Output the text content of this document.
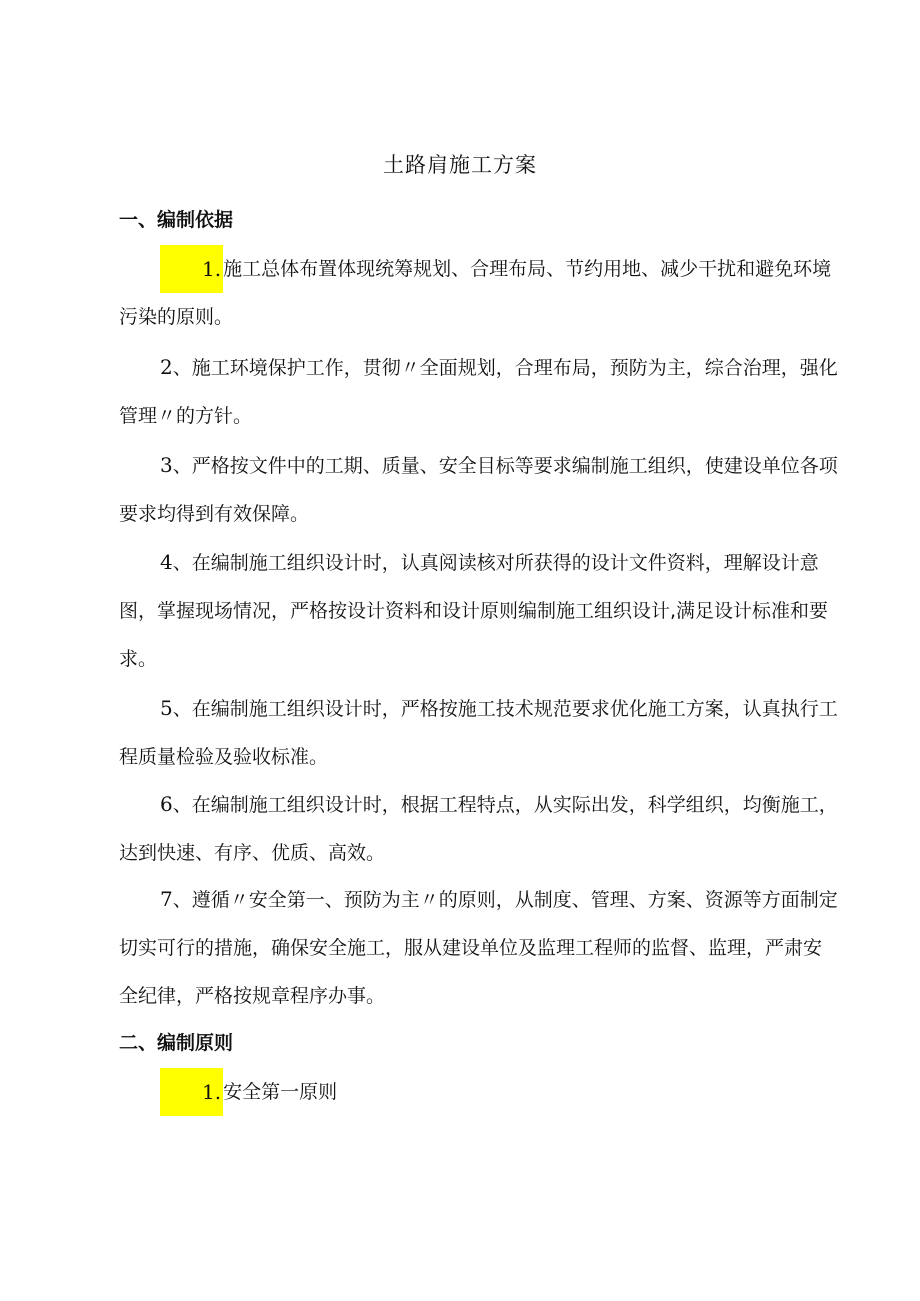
土路肩施工方案
一、编制依据
1. 施工总体布置体现统筹规划、合理布局、节约用地、减少干扰和避免环境污染的原则。
2、施工环境保护工作，贯彻〃全面规划，合理布局，预防为主，综合治理，强化管理〃的方针。
3、严格按文件中的工期、质量、安全目标等要求编制施工组织，使建设单位各项要求均得到有效保障。
4、在编制施工组织设计时，认真阅读核对所获得的设计文件资料，理解设计意图，掌握现场情况，严格按设计资料和设计原则编制施工组织设计,满足设计标准和要求。
5、在编制施工组织设计时，严格按施工技术规范要求优化施工方案，认真执行工程质量检验及验收标准。
6、在编制施工组织设计时，根据工程特点，从实际出发，科学组织，均衡施工，达到快速、有序、优质、高效。
7、遵循〃安全第一、预防为主〃的原则，从制度、管理、方案、资源等方面制定切实可行的措施，确保安全施工，服从建设单位及监理工程师的监督、监理，严肃安全纪律，严格按规章程序办事。
二、编制原则
1. 安全第一原则
